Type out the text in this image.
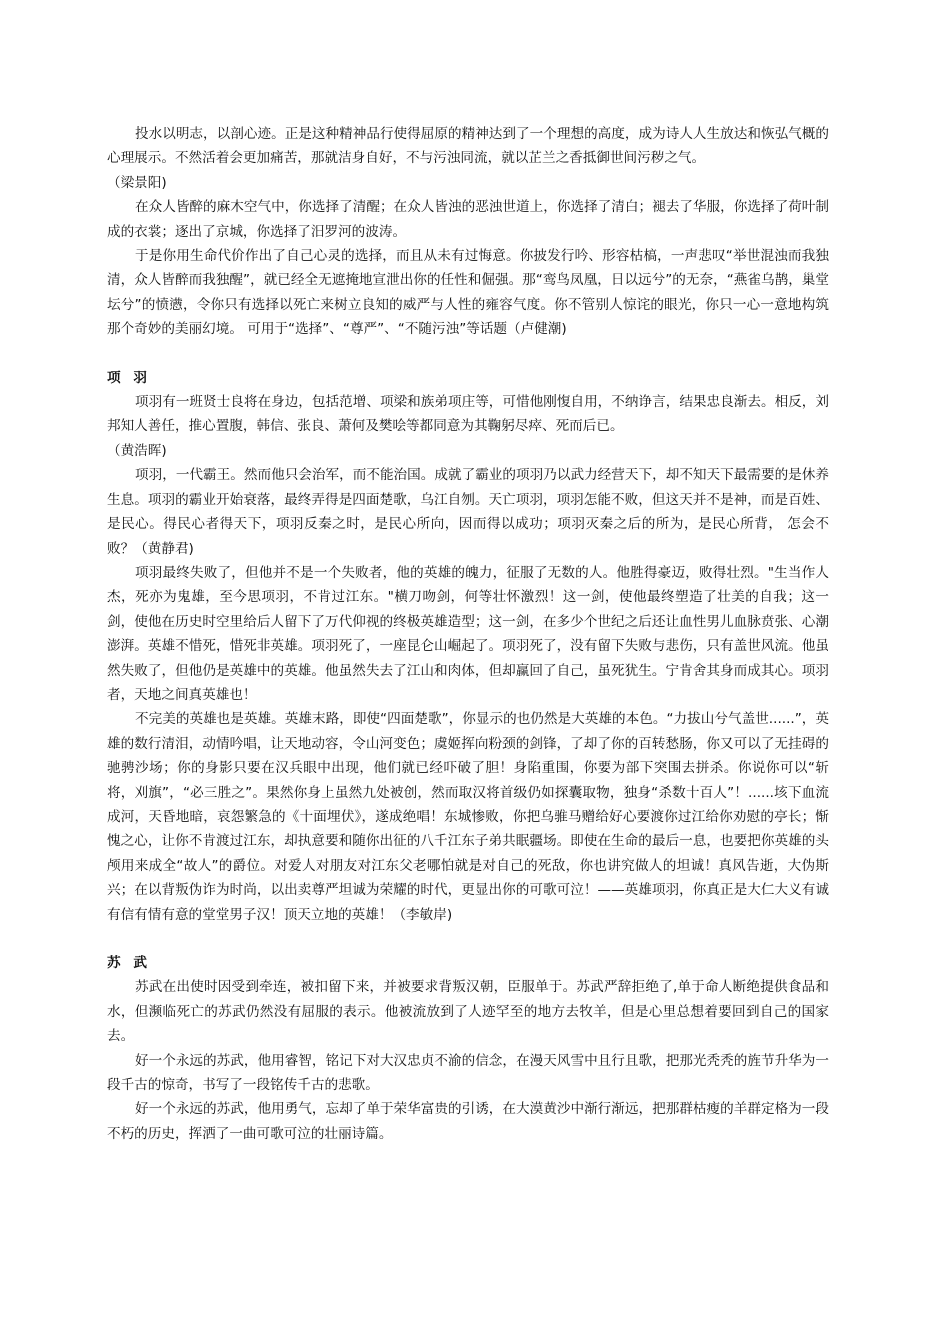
投水以明志，以剖心迹。正是这种精神品行使得屈原的精神达到了一个理想的高度，成为诗人人生放达和恢弘气概的心理展示。不然活着会更加痛苦，那就洁身自好，不与污浊同流，就以芷兰之香抵御世间污秽之气。

（梁景阳)

在众人皆醉的麻木空气中，你选择了清醒；在众人皆浊的恶浊世道上，你选择了清白；褪去了华服，你选择了荷叶制成的衣裳；逐出了京城，你选择了汨罗河的波涛。

于是你用生命代价作出了自己心灵的选择，而且从未有过悔意。你披发行吟、形容枯槁，一声悲叹“举世混浊而我独清，众人皆醉而我独醒”，就已经全无遮掩地宣泄出你的任性和倔强。那“鸾鸟凤凰，日以远兮”的无奈，“燕雀乌鹊，巢堂坛兮”的愤懑，令你只有选择以死亡来树立良知的威严与人性的雍容气度。你不管别人惊诧的眼光，你只一心一意地构筑那个奇妙的美丽幻境。 可用于“选择”、“尊严”、“不随污浊”等话题（卢健潮)

项 羽

项羽有一班贤士良将在身边，包括范增、项梁和族弟项庄等，可惜他刚愎自用，不纳诤言，结果忠良渐去。相反，刘邦知人善任，推心置腹，韩信、张良、萧何及樊哙等都同意为其鞠躬尽瘁、死而后已。

（黄浩晖)

项羽，一代霸王。然而他只会治军，而不能治国。成就了霸业的项羽乃以武力经营天下，却不知天下最需要的是休养生息。项羽的霸业开始衰落，最终弄得是四面楚歌，乌江自刎。天亡项羽，项羽怎能不败，但这天并不是神，而是百姓、是民心。得民心者得天下，项羽反秦之时，是民心所向，因而得以成功；项羽灭秦之后的所为，是民心所背， 怎会不败？（黄静君)

项羽最终失败了，但他并不是一个失败者，他的英雄的魄力，征服了无数的人。他胜得豪迈，败得壮烈。"生当作人杰，死亦为鬼雄，至今思项羽，不肯过江东。"横刀吻剑，何等壮怀激烈！这一剑，使他最终塑造了壮美的自我；这一剑，使他在历史时空里给后人留下了万代仰视的终极英雄造型；这一剑，在多少个世纪之后还让血性男儿血脉贲张、心潮澎湃。英雄不惜死，惜死非英雄。项羽死了，一座昆仑山崛起了。项羽死了，没有留下失败与悲伤，只有盖世风流。他虽然失败了，但他仍是英雄中的英雄。他虽然失去了江山和肉体，但却赢回了自己，虽死犹生。宁肯舍其身而成其心。项羽者，天地之间真英雄也！

不完美的英雄也是英雄。英雄末路，即使“四面楚歌”，你显示的也仍然是大英雄的本色。“力拔山兮气盖世......”，英雄的数行清泪，动情吟唱，让天地动容，令山河变色；虞姬挥向粉颈的剑锋，了却了你的百转愁肠，你又可以了无挂碍的驰骋沙场；你的身影只要在汉兵眼中出现，他们就已经吓破了胆！身陷重围，你要为部下突围去拼杀。你说你可以“斩将，刈旗”，“必三胜之”。果然你身上虽然九处被创，然而取汉将首级仍如探囊取物，独身“杀数十百人”！......垓下血流成河，天昏地暗，哀怨繁急的《十面埋伏》，遂成绝唱！东城惨败，你把乌骓马赠给好心要渡你过江给你劝慰的亭长；惭愧之心，让你不肯渡过江东，却执意要和随你出征的八千江东子弟共眠疆场。即使在生命的最后一息，也要把你英雄的头颅用来成全“故人”的爵位。对爱人对朋友对江东父老哪怕就是对自己的死敌，你也讲究做人的坦诚！真风告逝，大伪斯兴；在以背叛伪诈为时尚，以出卖尊严坦诚为荣耀的时代，更显出你的可歌可泣！——英雄项羽，你真正是大仁大义有诚有信有情有意的堂堂男子汉！顶天立地的英雄！（李敏岸)

苏 武

苏武在出使时因受到牵连，被扣留下来，并被要求背叛汉朝，臣服单于。苏武严辞拒绝了,单于命人断绝提供食品和水，但濒临死亡的苏武仍然没有屈服的表示。他被流放到了人迹罕至的地方去牧羊，但是心里总想着要回到自己的国家去。

好一个永远的苏武，他用睿智，铭记下对大汉忠贞不渝的信念，在漫天风雪中且行且歌，把那光秃秃的旌节升华为一段千古的惊奇，书写了一段铭传千古的悲歌。

好一个永远的苏武，他用勇气，忘却了单于荣华富贵的引诱，在大漠黄沙中渐行渐远，把那群枯瘦的羊群定格为一段不朽的历史，挥洒了一曲可歌可泣的壮丽诗篇。
